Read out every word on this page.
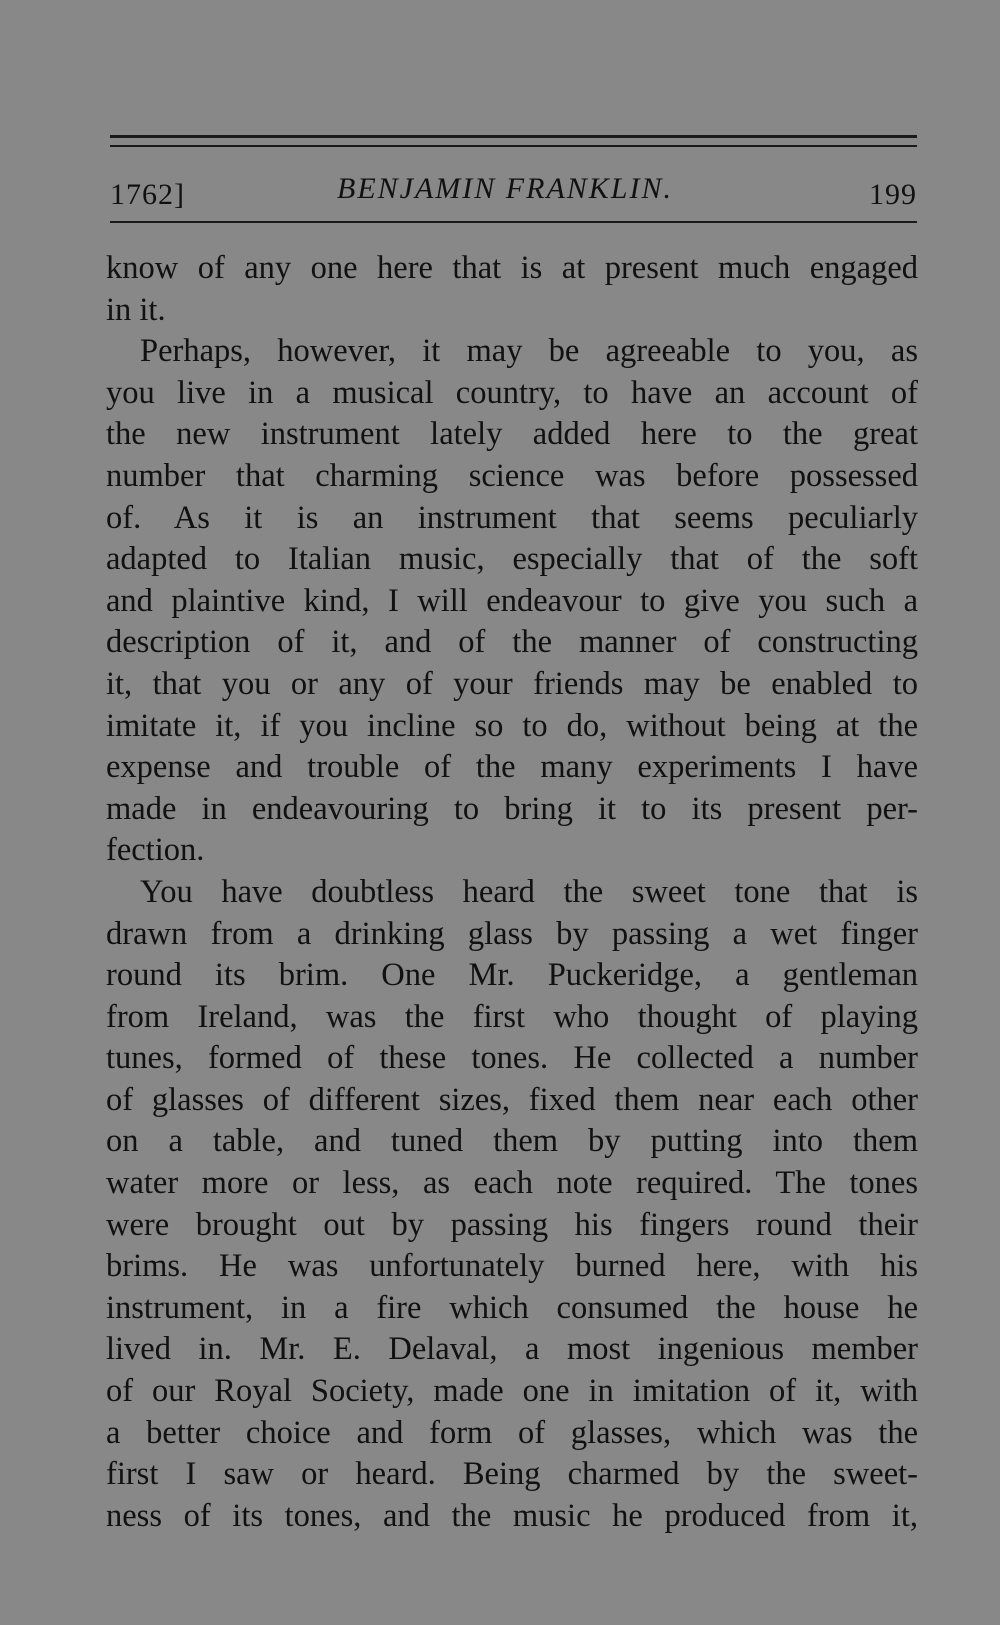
1762]	BENJAMIN FRANKLIN.	199
know of any one here that is at present much engaged
in it.
Perhaps, however, it may be agreeable to you, as
you live in a musical country, to have an account of
the new instrument lately added here to the great
number that charming science was before possessed
of. As it is an instrument that seems peculiarly
adapted to Italian music, especially that of the soft
and plaintive kind, I will endeavour to give you such a
description of it, and of the manner of constructing
it, that you or any of your friends may be enabled to
imitate it, if you incline so to do, without being at the
expense and trouble of the many experiments I have
made in endeavouring to bring it to its present per-
fection.
You have doubtless heard the sweet tone that is
drawn from a drinking glass by passing a wet finger
round its brim. One Mr. Puckeridge, a gentleman
from Ireland, was the first who thought of playing
tunes, formed of these tones. He collected a number
of glasses of different sizes, fixed them near each other
on a table, and tuned them by putting into them
water more or less, as each note required. The tones
were brought out by passing his fingers round their
brims. He was unfortunately burned here, with his
instrument, in a fire which consumed the house he
lived in. Mr. E. Delaval, a most ingenious member
of our Royal Society, made one in imitation of it, with
a better choice and form of glasses, which was the
first I saw or heard. Being charmed by the sweet-
ness of its tones, and the music he produced from it,
